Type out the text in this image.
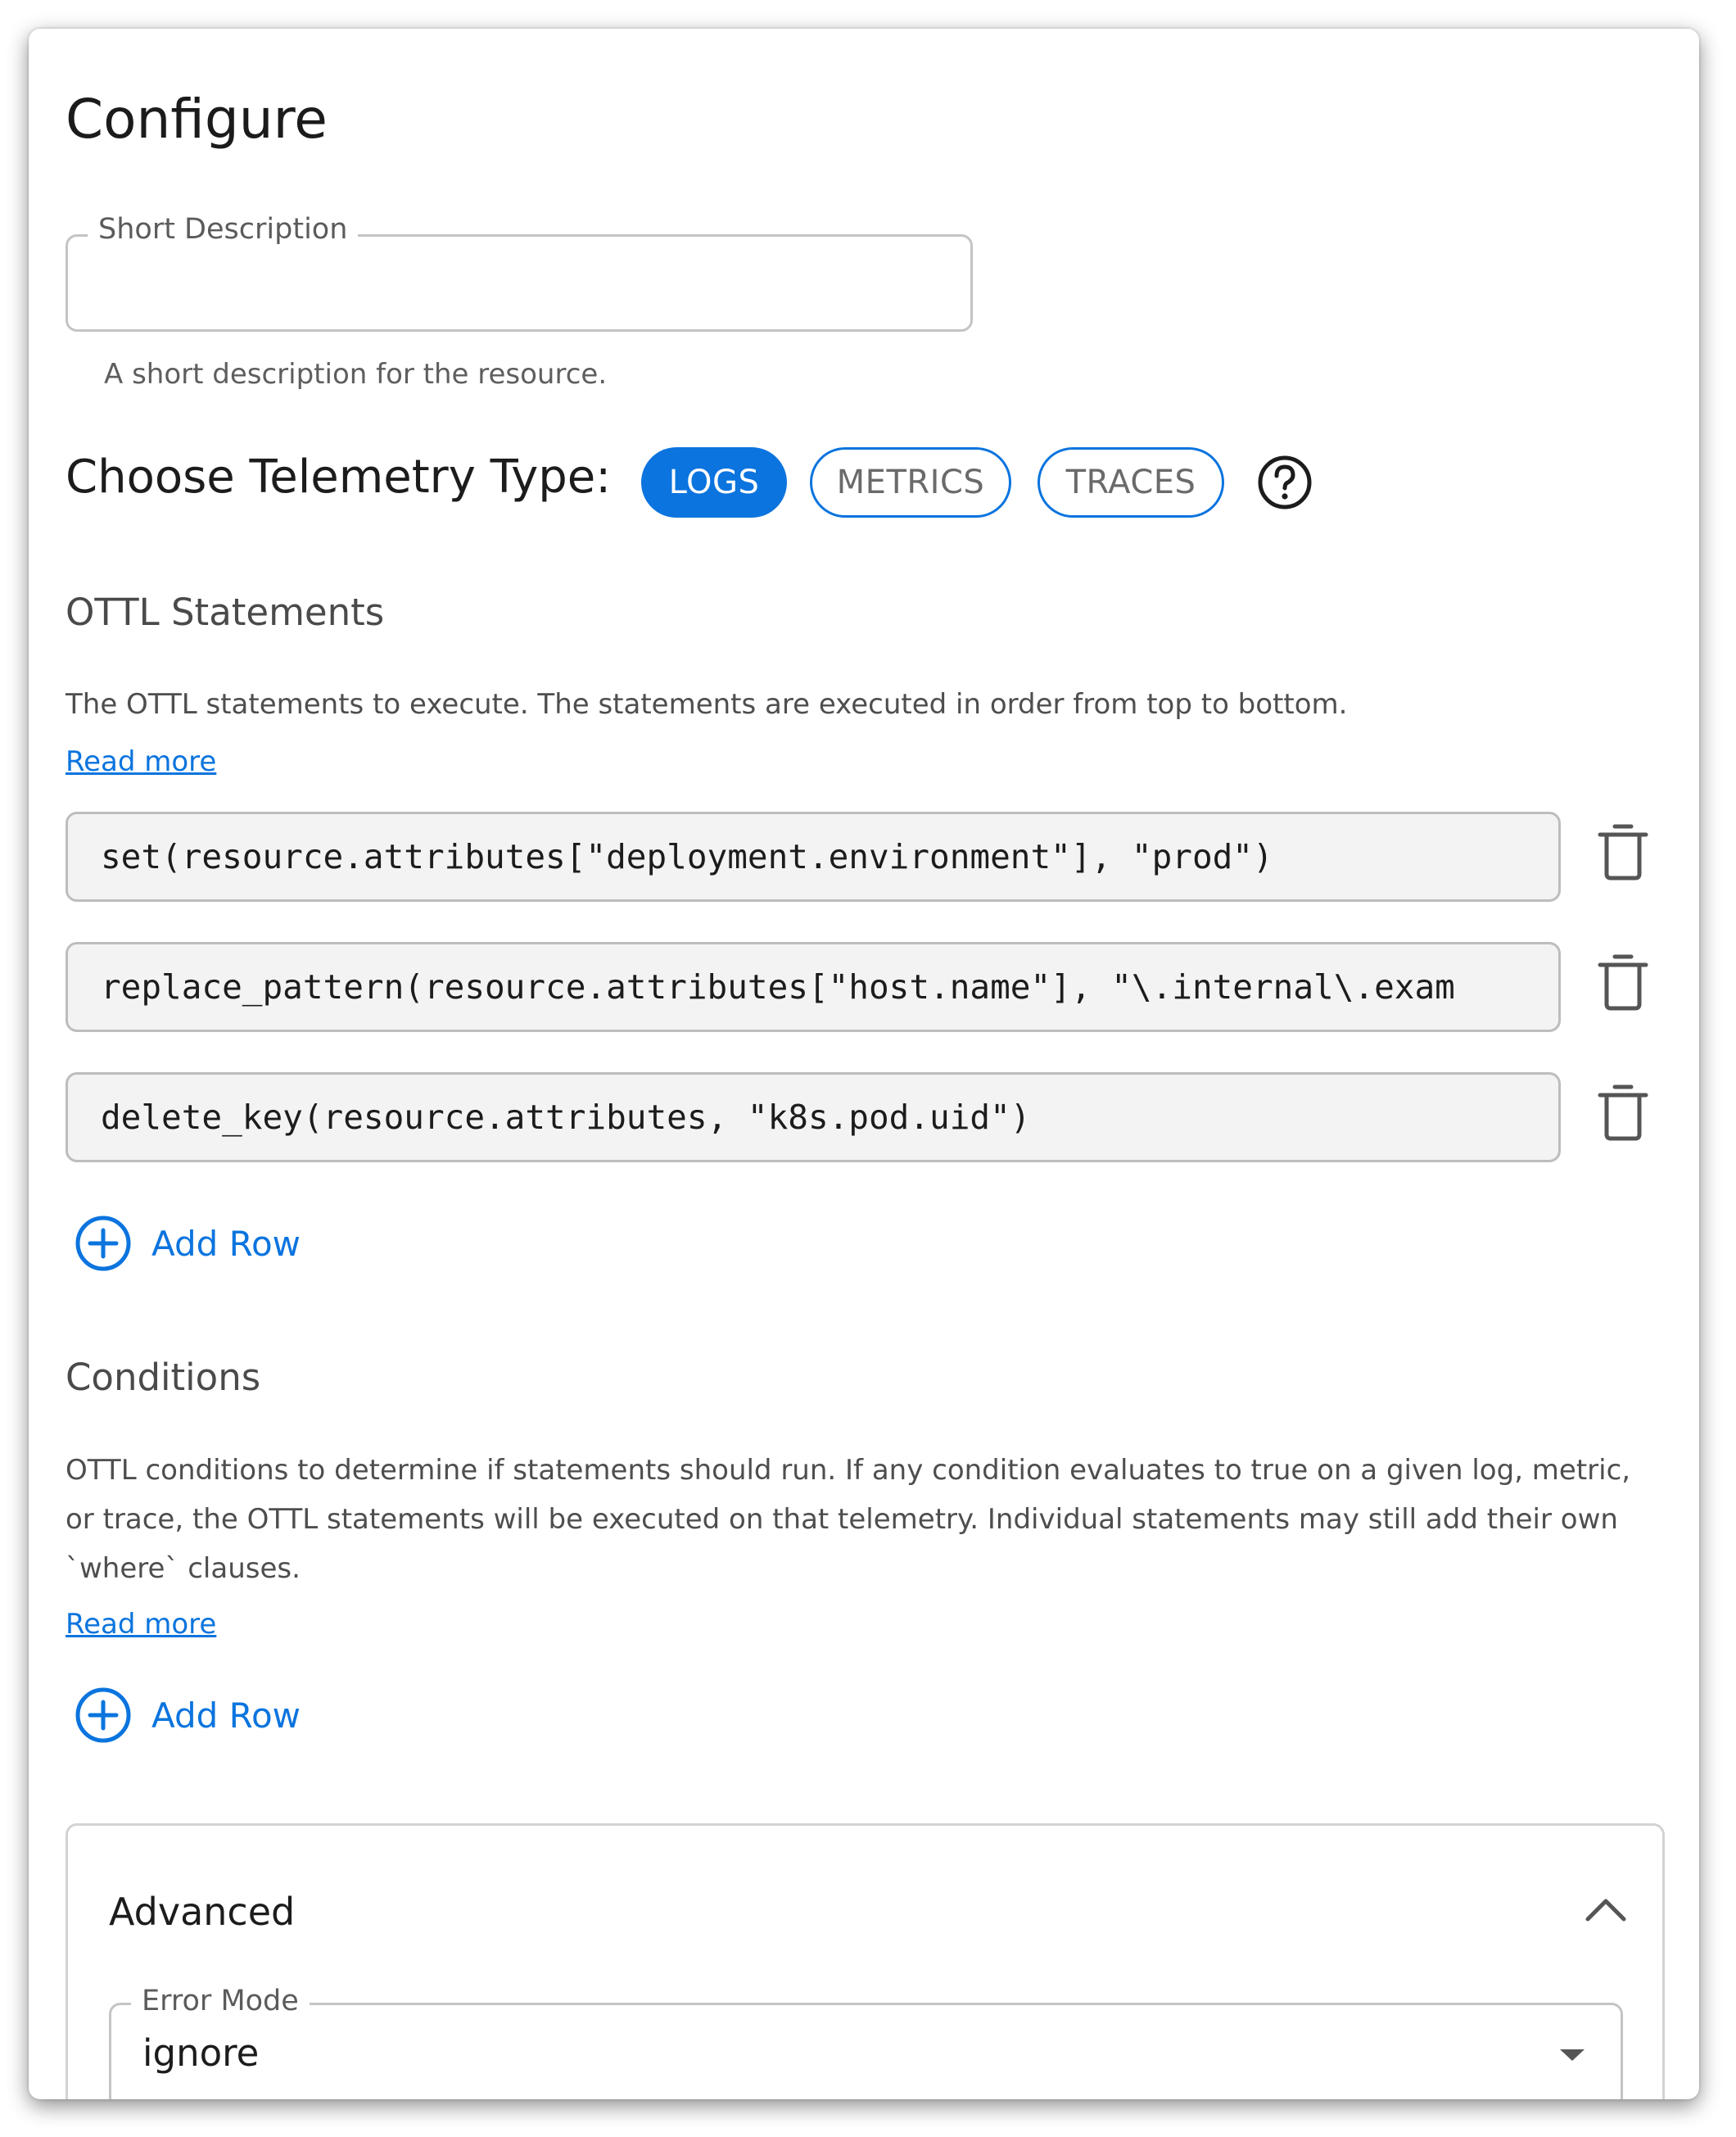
Configure
Short Description
A short description for the resource.
Choose Telemetry Type:	LOGS	METRICS	TRACES
OTTL Statements
The OTTL statements to execute. The statements are executed in order from top to bottom.
Read more
set(resource.attributes["deployment.environment"], "prod")
replace_pattern(resource.attributes["host.name"], "\.internal\.exam
delete_key(resource.attributes, "k8s.pod.uid")
Add Row
Conditions
OTTL conditions to determine if statements should run. If any condition evaluates to true on a given log, metric,
or trace, the OTTL statements will be executed on that telemetry. Individual statements may still add their own
`where` clauses.
Read more
Add Row
Advanced
ignore
Error Mode
